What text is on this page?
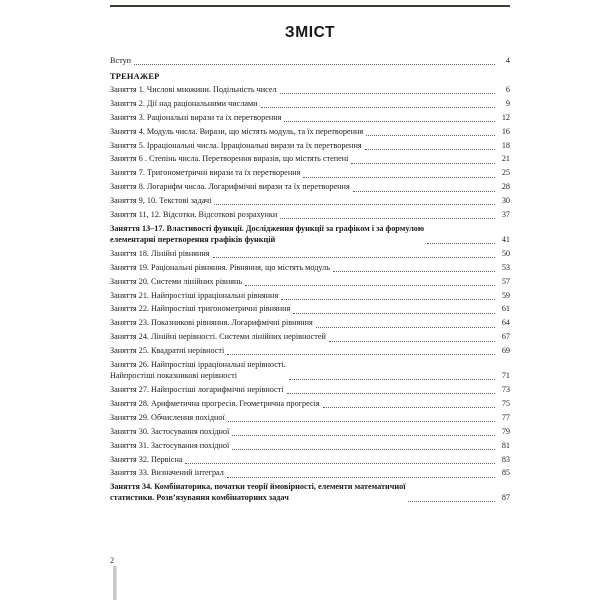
ЗМІСТ
Вступ	4
ТРЕНАЖЕР
Заняття 1. Числові множини. Подільність чисел	6
Заняття 2. Дії над раціональними числами	9
Заняття 3. Раціональні вирази та їх перетворення	12
Заняття 4. Модуль числа. Вирази, що містять модуль, та їх перетворення	16
Заняття 5. Ірраціональні числа. Ірраціональні вирази та їх перетворення	18
Заняття 6 . Степінь числа. Перетворення виразів, що містять степені	21
Заняття 7. Тригонометричні вирази та їх перетворення	25
Заняття 8. Логарифм числа. Логарифмічні вирази та їх перетворення	28
Заняття 9, 10. Текстові задачі	30
Заняття 11, 12. Відсотки. Відсоткові розрахунки	37
Заняття 13–17. Властивості функції. Дослідження функції за графіком і за формулою
елементарні перетворення графіків функцій	41
Заняття 18. Лінійні рівняння	50
Заняття 19. Раціональні рівняння. Рівняння, що містять модуль	53
Заняття 20. Системи лінійних рівнянь	57
Заняття 21. Найпростіші ірраціональні рівняння	59
Заняття 22. Найпростіші тригонометричні рівняння	61
Заняття 23. Показникові рівняння. Логарифмічні рівняння	64
Заняття 24. Лінійні нерівності. Системи лінійних нерівностей	67
Заняття 25. Квадратні нерівності	69
Заняття 26. Найпростіші ірраціональні нерівності.
Найпростіші показникові нерівності	71
Заняття 27. Найпростіші логарифмічні нерівності	73
Заняття 28. Арифметична прогресія. Геометрична прогресія	75
Заняття 29. Обчислення похідної	77
Заняття 30. Застосування похідної	79
Заняття 31. Застосування похідної	81
Заняття 32. Первісна	83
Заняття 33. Визначений інтеграл	85
Заняття 34. Комбінаторика, початки теорії ймовірності, елементи математичної
статистики. Розв’язування комбінаторних задач	87
2
